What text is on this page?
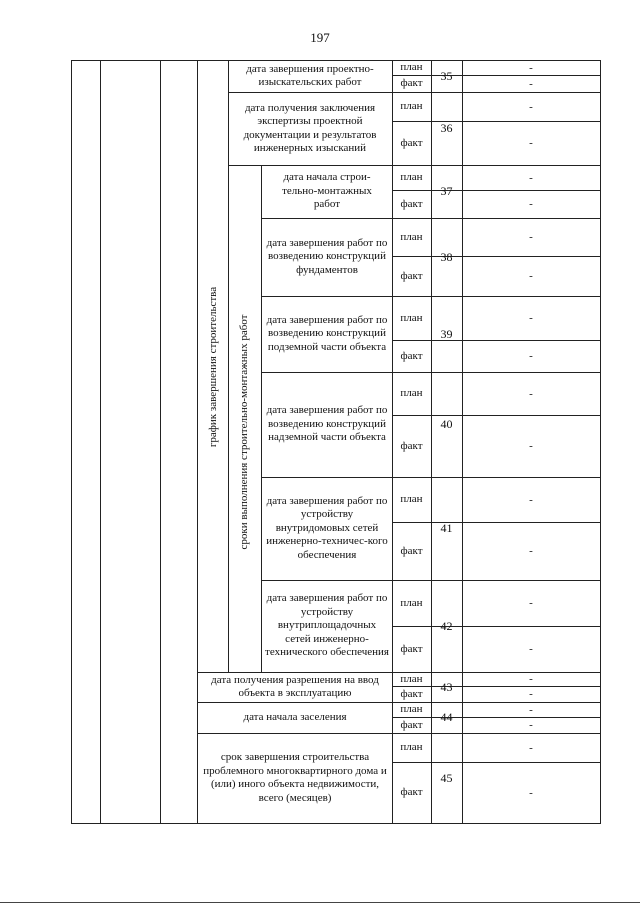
197
график завершения строительства сроки выполнения строительно-монтажных работ
дата завершения проектно-изыскательских работ
дата получения заключения экспертизы проектной документации и результатов инженерных изысканий
дата начала строи-тельно-монтажных работ
дата завершения работ по возведению конструкций фундаментов
дата завершения работ по возведению конструкций подземной части объекта
дата завершения работ по возведению конструкций надземной части объекта
дата завершения работ по устройству внутридомовых сетей инженерно-техничес-кого обеспечения
дата завершения работ по устройству внутриплощадочных сетей инженерно-технического обеспечения
дата получения разрешения на ввод объекта в эксплуатацию
дата начала заселения
срок завершения строительства проблемного многоквартирного дома и (или) иного объекта недвижимости, всего (месяцев)
план
факт
план
факт
план
факт
план
факт
план
факт
план
факт
план
факт
план
факт
план
факт
план
факт
план
факт
35
36
37
38
39
40
41
42
43
44
45
-
-
-
-
-
-
-
-
-
-
-
-
-
-
-
-
-
-
-
-
-
-
